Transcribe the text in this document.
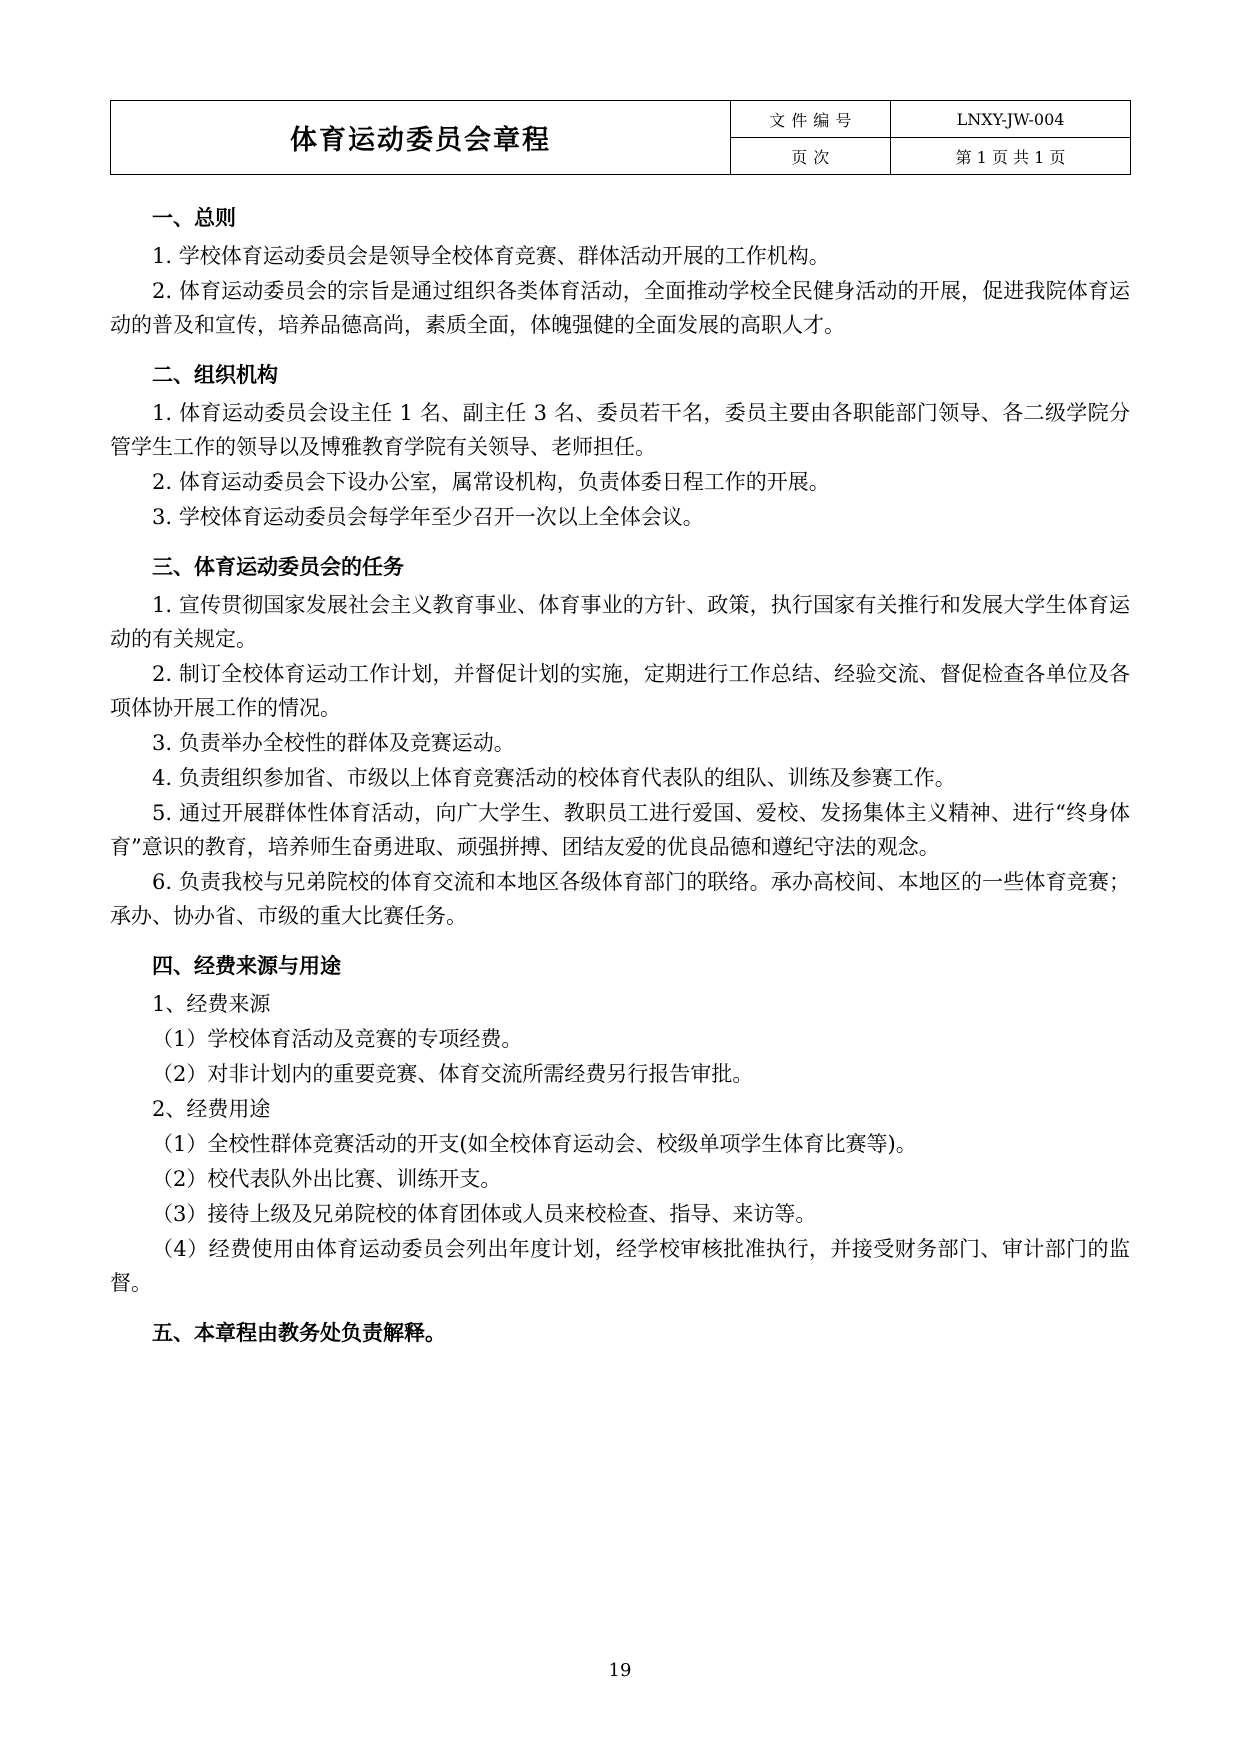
体育运动委员会章程	文 件 编 号	LNXY-JW-004
	页 次	第 1 页 共 1 页
一、总则

1. 学校体育运动委员会是领导全校体育竞赛、群体活动开展的工作机构。

2. 体育运动委员会的宗旨是通过组织各类体育活动，全面推动学校全民健身活动的开展，促进我院体育运动的普及和宣传，培养品德高尚，素质全面，体魄强健的全面发展的高职人才。

二、组织机构

1. 体育运动委员会设主任 1 名、副主任 3 名、委员若干名，委员主要由各职能部门领导、各二级学院分管学生工作的领导以及博雅教育学院有关领导、老师担任。

2. 体育运动委员会下设办公室，属常设机构，负责体委日程工作的开展。

3. 学校体育运动委员会每学年至少召开一次以上全体会议。

三、体育运动委员会的任务

1. 宣传贯彻国家发展社会主义教育事业、体育事业的方针、政策，执行国家有关推行和发展大学生体育运动的有关规定。

2. 制订全校体育运动工作计划，并督促计划的实施，定期进行工作总结、经验交流、督促检查各单位及各项体协开展工作的情况。

3. 负责举办全校性的群体及竞赛运动。

4. 负责组织参加省、市级以上体育竞赛活动的校体育代表队的组队、训练及参赛工作。

5. 通过开展群体性体育活动，向广大学生、教职员工进行爱国、爱校、发扬集体主义精神、进行“终身体育”意识的教育，培养师生奋勇进取、顽强拼搏、团结友爱的优良品德和遵纪守法的观念。

6. 负责我校与兄弟院校的体育交流和本地区各级体育部门的联络。承办高校间、本地区的一些体育竞赛；承办、协办省、市级的重大比赛任务。

四、经费来源与用途

1、经费来源

（1）学校体育活动及竞赛的专项经费。

（2）对非计划内的重要竞赛、体育交流所需经费另行报告审批。

2、经费用途

（1）全校性群体竞赛活动的开支(如全校体育运动会、校级单项学生体育比赛等)。

（2）校代表队外出比赛、训练开支。

（3）接待上级及兄弟院校的体育团体或人员来校检查、指导、来访等。

（4）经费使用由体育运动委员会列出年度计划，经学校审核批准执行，并接受财务部门、审计部门的监督。

五、本章程由教务处负责解释。
19
